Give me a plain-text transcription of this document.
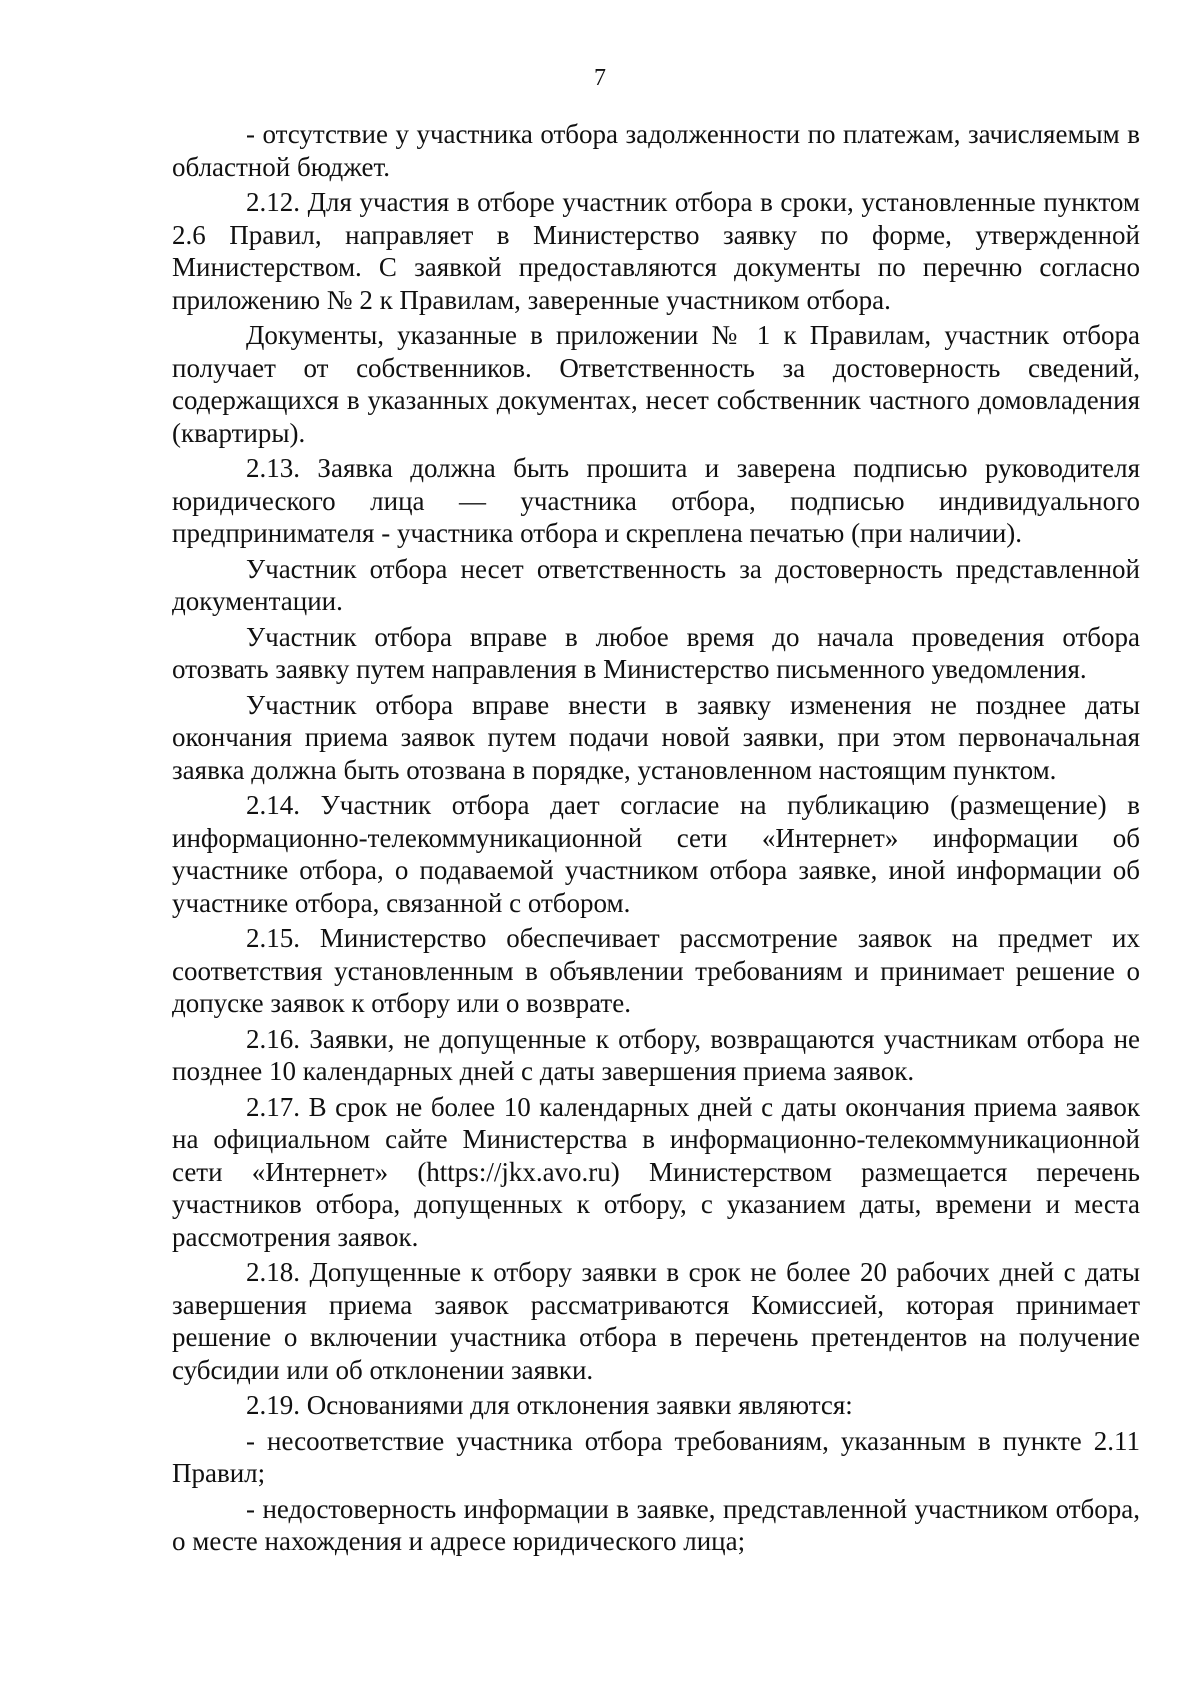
7

- отсутствие у участника отбора задолженности по платежам, зачисляемым в областной бюджет.

2.12. Для участия в отборе участник отбора в сроки, установленные пунктом 2.6 Правил, направляет в Министерство заявку по форме, утвержденной Министерством. С заявкой предоставляются документы по перечню согласно приложению № 2 к Правилам, заверенные участником отбора.

Документы, указанные в приложении № 1 к Правилам, участник отбора получает от собственников. Ответственность за достоверность сведений, содержащихся в указанных документах, несет собственник частного домовладения (квартиры).

2.13. Заявка должна быть прошита и заверена подписью руководителя юридического лица — участника отбора, подписью индивидуального предпринимателя - участника отбора и скреплена печатью (при наличии).

Участник отбора несет ответственность за достоверность представленной документации.

Участник отбора вправе в любое время до начала проведения отбора отозвать заявку путем направления в Министерство письменного уведомления.

Участник отбора вправе внести в заявку изменения не позднее даты окончания приема заявок путем подачи новой заявки, при этом первоначальная заявка должна быть отозвана в порядке, установленном настоящим пунктом.

2.14. Участник отбора дает согласие на публикацию (размещение) в информационно-телекоммуникационной сети «Интернет» информации об участнике отбора, о подаваемой участником отбора заявке, иной информации об участнике отбора, связанной с отбором.

2.15. Министерство обеспечивает рассмотрение заявок на предмет их соответствия установленным в объявлении требованиям и принимает решение о допуске заявок к отбору или о возврате.

2.16. Заявки, не допущенные к отбору, возвращаются участникам отбора не позднее 10 календарных дней с даты завершения приема заявок.

2.17. В срок не более 10 календарных дней с даты окончания приема заявок на официальном сайте Министерства в информационно-телекоммуникационной сети «Интернет» (https://jkx.avo.ru) Министерством размещается перечень участников отбора, допущенных к отбору, с указанием даты, времени и места рассмотрения заявок.

2.18. Допущенные к отбору заявки в срок не более 20 рабочих дней с даты завершения приема заявок рассматриваются Комиссией, которая принимает решение о включении участника отбора в перечень претендентов на получение субсидии или об отклонении заявки.

2.19. Основаниями для отклонения заявки являются:

- несоответствие участника отбора требованиям, указанным в пункте 2.11 Правил;

- недостоверность информации в заявке, представленной участником отбора, о месте нахождения и адресе юридического лица;
